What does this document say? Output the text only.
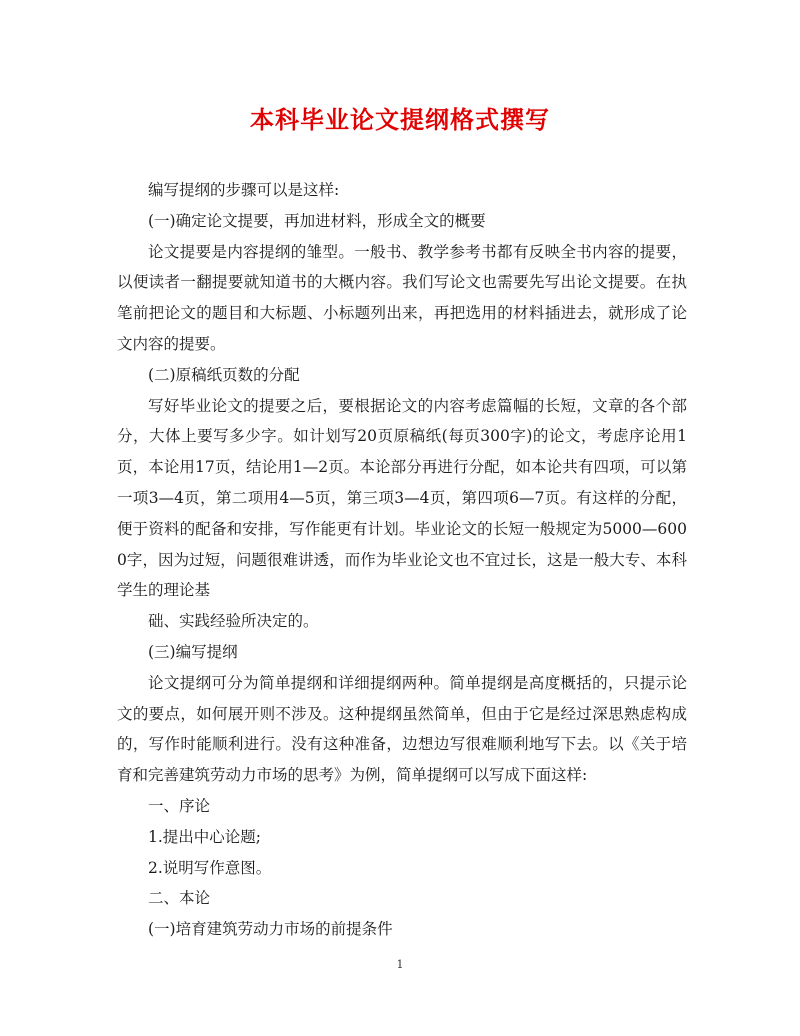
本科毕业论文提纲格式撰写

编写提纲的步骤可以是这样:

(一)确定论文提要，再加进材料，形成全文的概要

论文提要是内容提纲的雏型。一般书、教学参考书都有反映全书内容的提要，以便读者一翻提要就知道书的大概内容。我们写论文也需要先写出论文提要。在执笔前把论文的题目和大标题、小标题列出来，再把选用的材料插进去，就形成了论文内容的提要。

(二)原稿纸页数的分配

写好毕业论文的提要之后，要根据论文的内容考虑篇幅的长短，文章的各个部分，大体上要写多少字。如计划写20页原稿纸(每页300字)的论文，考虑序论用1页，本论用17页，结论用1—2页。本论部分再进行分配，如本论共有四项，可以第一项3—4页，第二项用4—5页，第三项3—4页，第四项6—7页。有这样的分配，便于资料的配备和安排，写作能更有计划。毕业论文的长短一般规定为5000—6000字，因为过短，问题很难讲透，而作为毕业论文也不宜过长，这是一般大专、本科学生的理论基

础、实践经验所决定的。

(三)编写提纲

论文提纲可分为简单提纲和详细提纲两种。简单提纲是高度概括的，只提示论文的要点，如何展开则不涉及。这种提纲虽然简单，但由于它是经过深思熟虑构成的，写作时能顺利进行。没有这种准备，边想边写很难顺利地写下去。以《关于培育和完善建筑劳动力市场的思考》为例，简单提纲可以写成下面这样:

一、序论

1.提出中心论题;

2.说明写作意图。

二、本论

(一)培育建筑劳动力市场的前提条件

1
